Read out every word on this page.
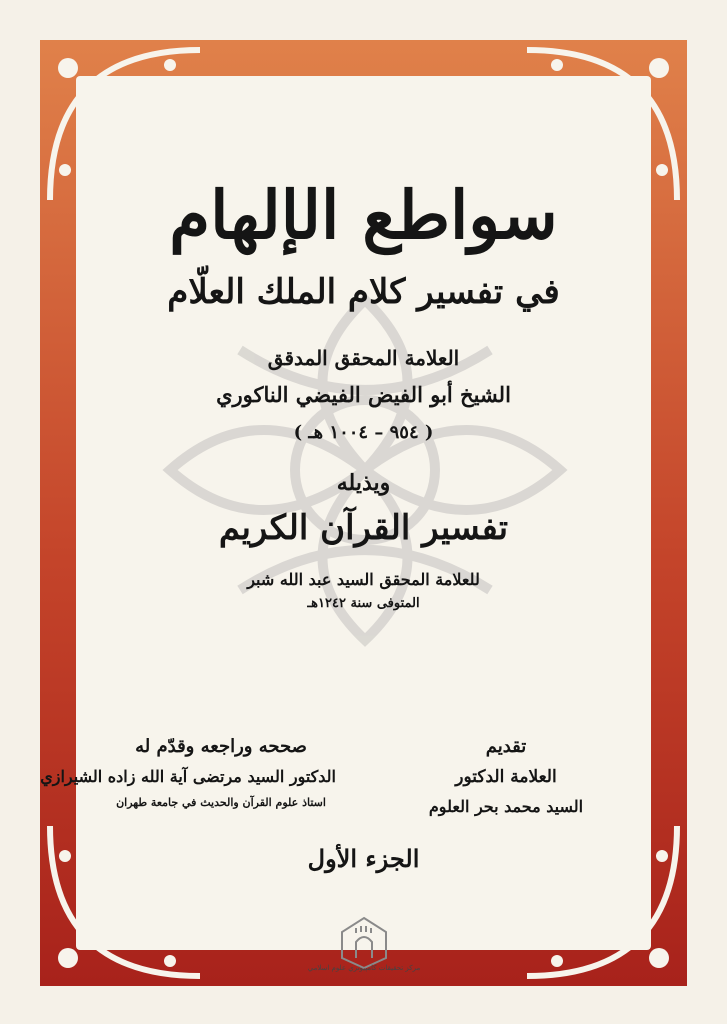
سواطع الإلهام

في تفسير كلام الملك العلّام

العلامة المحقق المدقق

الشيخ أبو الفيض الفيضي الناكوري

( ٩٥٤ – ١٠٠٤ هـ )

ويذيله

تفسير القرآن الكريم

للعلامة المحقق السيد عبد الله شبر

المتوفى سنة ١٢٤٢هـ

تقديم
العلامة الدكتور
السيد محمد بحر العلوم
صححه وراجعه وقدّم له
الدكتور السيد مرتضى آية الله زاده الشيرازي
استاذ علوم القرآن والحديث في جامعة طهران

الجزء الأول

مركز تحقيقات كامپيوتري علوم اسلامي
